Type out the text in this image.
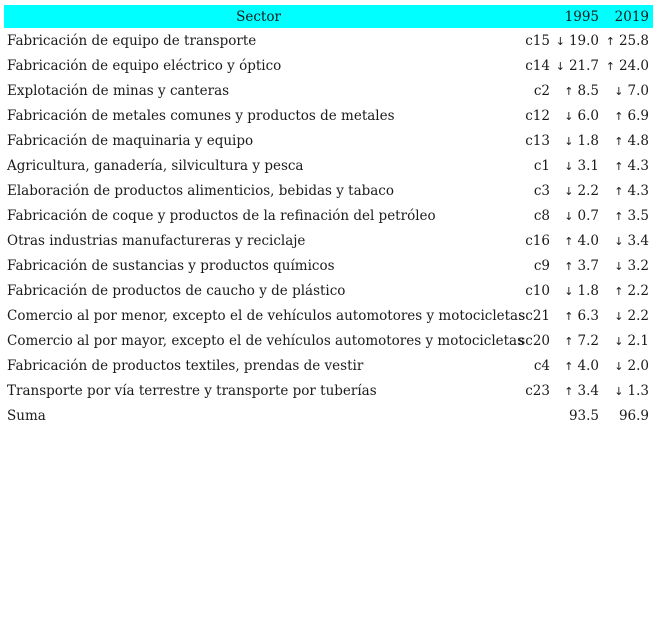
Sector		1995	2019
Fabricación de equipo de transporte	c15	↓ 19.0	↑ 25.8
Fabricación de equipo eléctrico y óptico	c14	↓ 21.7	↑ 24.0
Explotación de minas y canteras	c2	↑ 8.5	↓ 7.0
Fabricación de metales comunes y productos de metales	c12	↓ 6.0	↑ 6.9
Fabricación de maquinaria y equipo	c13	↓ 1.8	↑ 4.8
Agricultura, ganadería, silvicultura y pesca	c1	↓ 3.1	↑ 4.3
Elaboración de productos alimenticios, bebidas y tabaco	c3	↓ 2.2	↑ 4.3
Fabricación de coque y productos de la refinación del petróleo	c8	↓ 0.7	↑ 3.5
Otras industrias manufactureras y reciclaje	c16	↑ 4.0	↓ 3.4
Fabricación de sustancias y productos químicos	c9	↑ 3.7	↓ 3.2
Fabricación de productos de caucho y de plástico	c10	↓ 1.8	↑ 2.2
Comercio al por menor, excepto el de vehículos automotores y motocicletas	sc21	↑ 6.3	↓ 2.2
Comercio al por mayor, excepto el de vehículos automotores y motocicletas	sc20	↑ 7.2	↓ 2.1
Fabricación de productos textiles, prendas de vestir	c4	↑ 4.0	↓ 2.0
Transporte por vía terrestre y transporte por tuberías	c23	↑ 3.4	↓ 1.3
Suma		93.5	96.9
